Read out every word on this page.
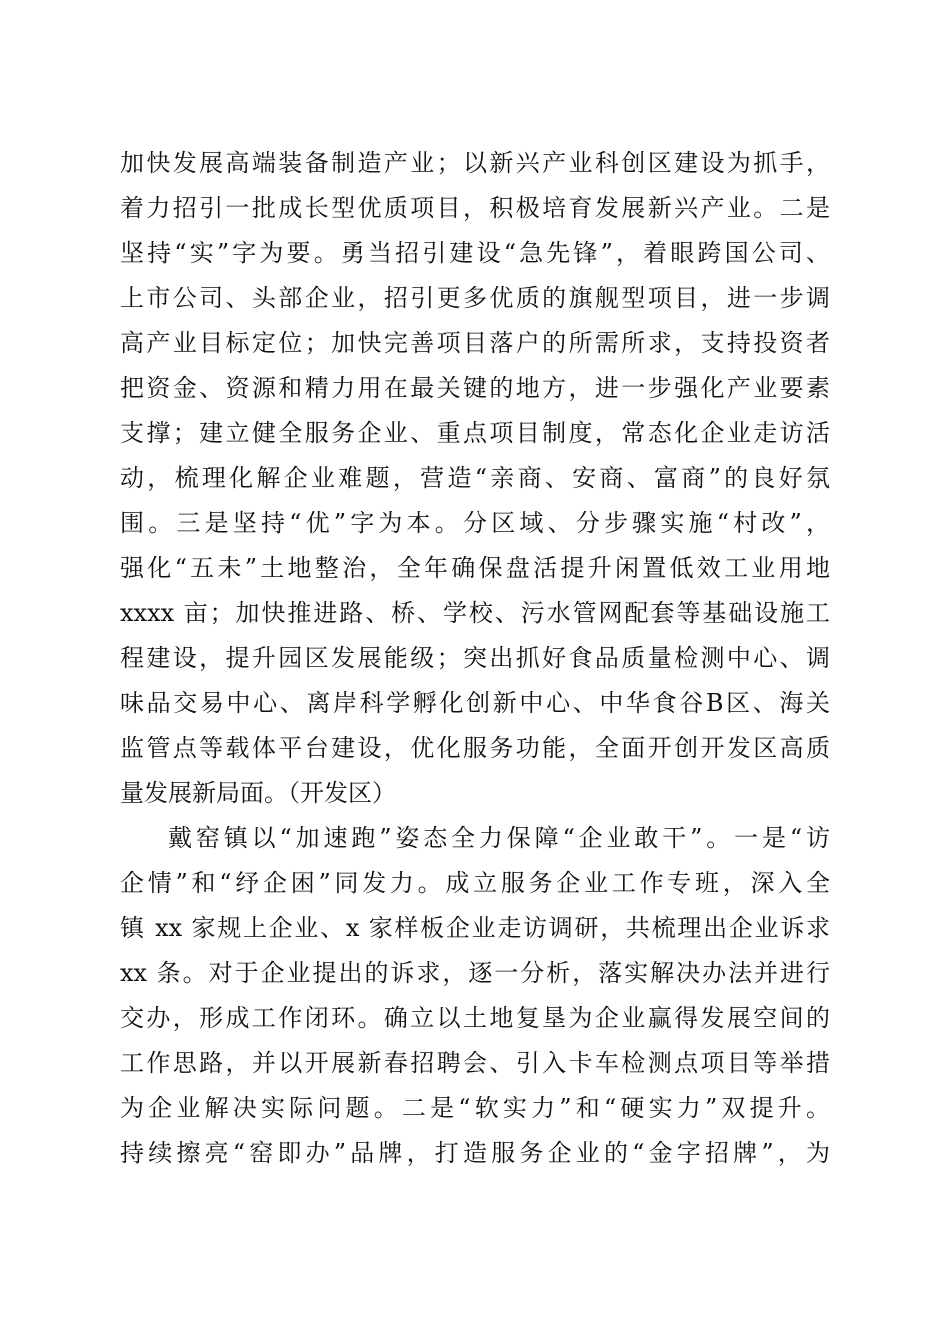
加快发展高端装备制造产业；以新兴产业科创区建设为抓手，
着力招引一批成长型优质项目，积极培育发展新兴产业。二是
坚持“实”字为要。勇当招引建设“急先锋”，着眼跨国公司、
上市公司、头部企业，招引更多优质的旗舰型项目，进一步调
高产业目标定位；加快完善项目落户的所需所求，支持投资者
把资金、资源和精力用在最关键的地方，进一步强化产业要素
支撑；建立健全服务企业、重点项目制度，常态化企业走访活
动，梳理化解企业难题，营造“亲商、安商、富商”的良好氛
围。三是坚持“优”字为本。分区域、分步骤实施“村改”，
强化“五未”土地整治，全年确保盘活提升闲置低效工业用地
xxxx 亩；加快推进路、桥、学校、污水管网配套等基础设施工
程建设，提升园区发展能级；突出抓好食品质量检测中心、调
味品交易中心、离岸科学孵化创新中心、中华食谷B区、海关
监管点等载体平台建设，优化服务功能，全面开创开发区高质
量发展新局面。（开发区）
戴窑镇以“加速跑”姿态全力保障“企业敢干”。一是“访
企情”和“纾企困”同发力。成立服务企业工作专班，深入全
镇 xx 家规上企业、x 家样板企业走访调研，共梳理出企业诉求
xx 条。对于企业提出的诉求，逐一分析，落实解决办法并进行
交办，形成工作闭环。确立以土地复垦为企业赢得发展空间的
工作思路，并以开展新春招聘会、引入卡车检测点项目等举措
为企业解决实际问题。二是“软实力”和“硬实力”双提升。
持续擦亮“窑即办”品牌，打造服务企业的“金字招牌”，为
